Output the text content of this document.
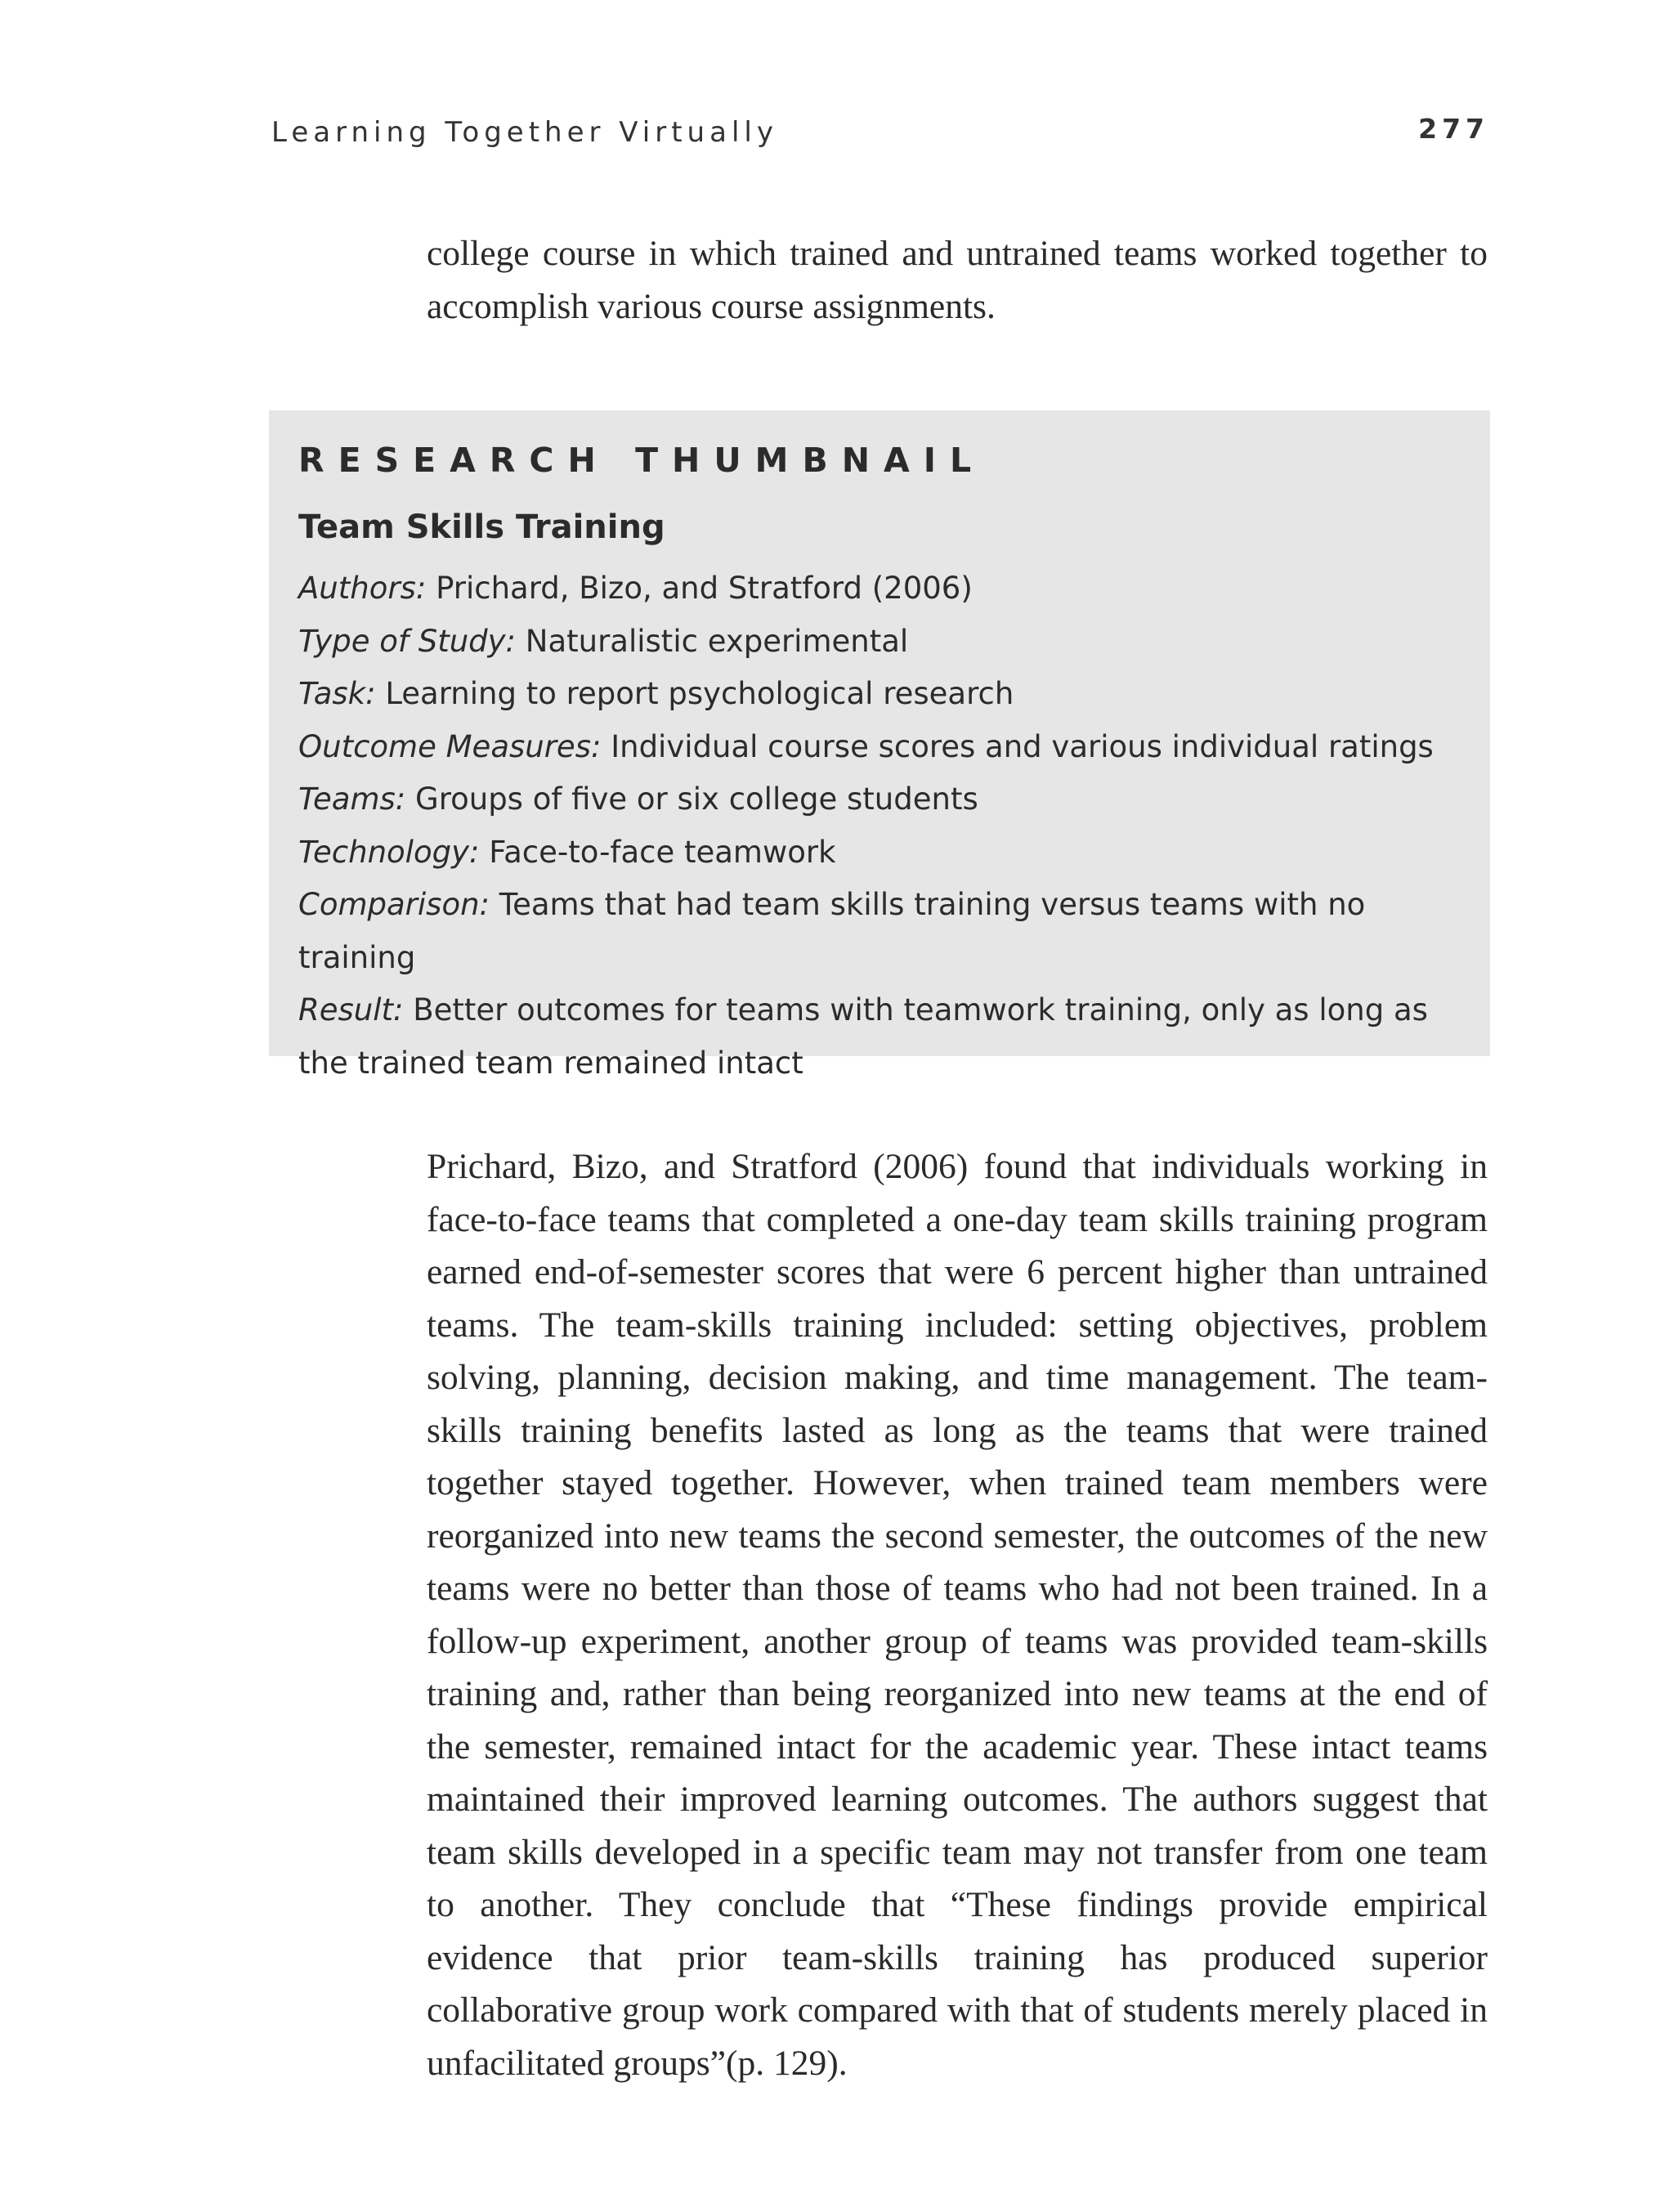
Learning Together Virtually	277

college course in which trained and untrained teams worked together to accomplish various course assignments.

RESEARCH THUMBNAIL
Team Skills Training

Authors: Prichard, Bizo, and Stratford (2006)

Type of Study: Naturalistic experimental

Task: Learning to report psychological research

Outcome Measures: Individual course scores and various individual ratings

Teams: Groups of five or six college students

Technology: Face-to-face teamwork

Comparison: Teams that had team skills training versus teams with no training

Result: Better outcomes for teams with teamwork training, only as long as the trained team remained intact

Prichard, Bizo, and Stratford (2006) found that individuals working in face-to-face teams that completed a one-day team skills training program earned end-of-semester scores that were 6 percent higher than untrained teams. The team-skills training included: setting objectives, problem solving, planning, decision making, and time management. The team-skills training benefits lasted as long as the teams that were trained together stayed together. However, when trained team members were reorganized into new teams the second semester, the outcomes of the new teams were no better than those of teams who had not been trained. In a follow-up experiment, another group of teams was provided team-skills training and, rather than being reorganized into new teams at the end of the semester, remained intact for the academic year. These intact teams maintained their improved learning outcomes. The authors suggest that team skills developed in a specific team may not transfer from one team to another. They conclude that “These findings provide empirical evidence that prior team-skills training has produced superior collaborative group work compared with that of students merely placed in unfacilitated groups”(p. 129).
